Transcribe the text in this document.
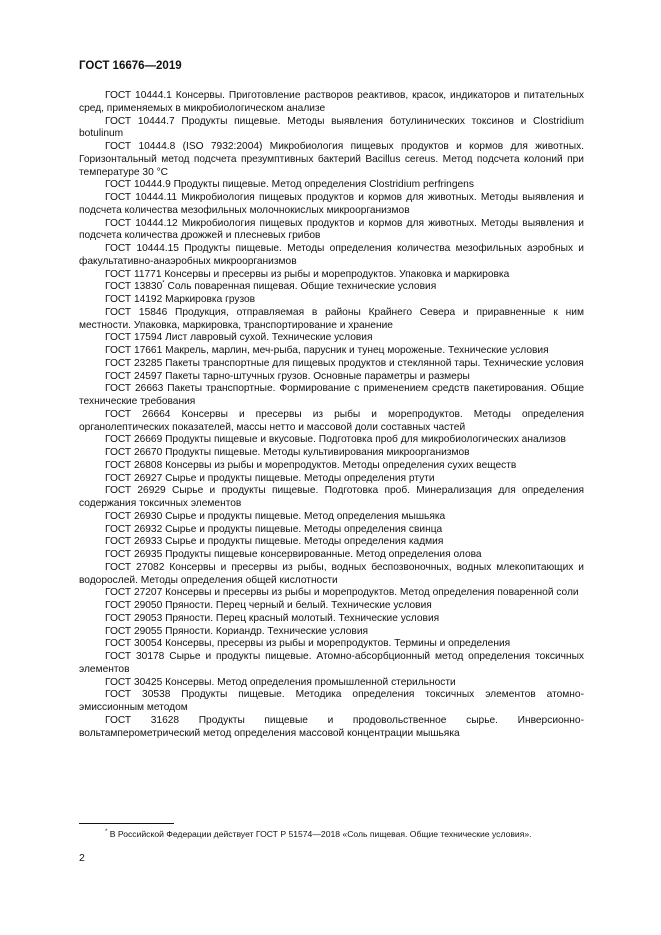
ГОСТ 16676—2019

ГОСТ 10444.1 Консервы. Приготовление растворов реактивов, красок, индикаторов и питательных сред, применяемых в микробиологическом анализе

ГОСТ 10444.7 Продукты пищевые. Методы выявления ботулинических токсинов и Clostridium botulinum

ГОСТ 10444.8 (ISO 7932:2004) Микробиология пищевых продуктов и кормов для животных. Горизонтальный метод подсчета презумптивных бактерий Bacillus cereus. Метод подсчета колоний при температуре 30 °C

ГОСТ 10444.9 Продукты пищевые. Метод определения Clostridium perfringens

ГОСТ 10444.11 Микробиология пищевых продуктов и кормов для животных. Методы выявления и подсчета количества мезофильных молочнокислых микроорганизмов

ГОСТ 10444.12 Микробиология пищевых продуктов и кормов для животных. Методы выявления и подсчета количества дрожжей и плесневых грибов

ГОСТ 10444.15 Продукты пищевые. Методы определения количества мезофильных аэробных и факультативно-анаэробных микроорганизмов

ГОСТ 11771 Консервы и пресервы из рыбы и морепродуктов. Упаковка и маркировка

ГОСТ 13830* Соль поваренная пищевая. Общие технические условия

ГОСТ 14192 Маркировка грузов

ГОСТ 15846 Продукция, отправляемая в районы Крайнего Севера и приравненные к ним местности. Упаковка, маркировка, транспортирование и хранение

ГОСТ 17594 Лист лавровый сухой. Технические условия

ГОСТ 17661 Макрель, марлин, меч-рыба, парусник и тунец мороженые. Технические условия

ГОСТ 23285 Пакеты транспортные для пищевых продуктов и стеклянной тары. Технические условия

ГОСТ 24597 Пакеты тарно-штучных грузов. Основные параметры и размеры

ГОСТ 26663 Пакеты транспортные. Формирование с применением средств пакетирования. Общие технические требования

ГОСТ 26664 Консервы и пресервы из рыбы и морепродуктов. Методы определения органолептических показателей, массы нетто и массовой доли составных частей

ГОСТ 26669 Продукты пищевые и вкусовые. Подготовка проб для микробиологических анализов

ГОСТ 26670 Продукты пищевые. Методы культивирования микроорганизмов

ГОСТ 26808 Консервы из рыбы и морепродуктов. Методы определения сухих веществ

ГОСТ 26927 Сырье и продукты пищевые. Методы определения ртути

ГОСТ 26929 Сырье и продукты пищевые. Подготовка проб. Минерализация для определения содержания токсичных элементов

ГОСТ 26930 Сырье и продукты пищевые. Метод определения мышьяка

ГОСТ 26932 Сырье и продукты пищевые. Методы определения свинца

ГОСТ 26933 Сырье и продукты пищевые. Методы определения кадмия

ГОСТ 26935 Продукты пищевые консервированные. Метод определения олова

ГОСТ 27082 Консервы и пресервы из рыбы, водных беспозвоночных, водных млекопитающих и водорослей. Методы определения общей кислотности

ГОСТ 27207 Консервы и пресервы из рыбы и морепродуктов. Метод определения поваренной соли

ГОСТ 29050 Пряности. Перец черный и белый. Технические условия

ГОСТ 29053 Пряности. Перец красный молотый. Технические условия

ГОСТ 29055 Пряности. Кориандр. Технические условия

ГОСТ 30054 Консервы, пресервы из рыбы и морепродуктов. Термины и определения

ГОСТ 30178 Сырье и продукты пищевые. Атомно-абсорбционный метод определения токсичных элементов

ГОСТ 30425 Консервы. Метод определения промышленной стерильности

ГОСТ 30538 Продукты пищевые. Методика определения токсичных элементов атомно-эмиссионным методом

ГОСТ 31628 Продукты пищевые и продовольственное сырье. Инверсионно-вольтамперометрический метод определения массовой концентрации мышьяка

* В Российской Федерации действует ГОСТ Р 51574—2018 «Соль пищевая. Общие технические условия».
2
